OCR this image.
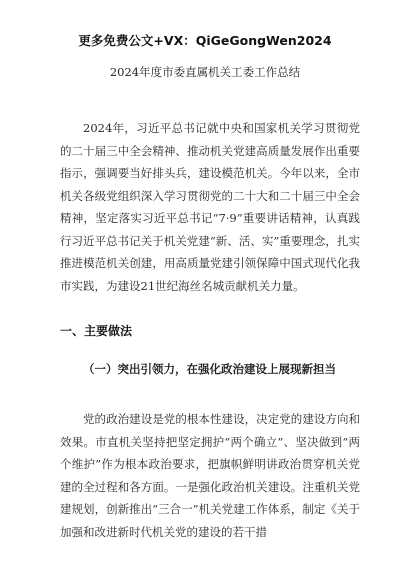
更多免费公文+VX：QiGeGongWen2024
2024年度市委直属机关工委工作总结

2024年，习近平总书记就中央和国家机关学习贯彻党的二十届三中全会精神、推动机关党建高质量发展作出重要指示，强调要当好排头兵，建设模范机关。今年以来，全市机关各级党组织深入学习贯彻党的二十大和二十届三中全会精神，坚定落实习近平总书记“7·9”重要讲话精神，认真践行习近平总书记关于机关党建“新、活、实”重要理念，扎实推进模范机关创建，用高质量党建引领保障中国式现代化我市实践，为建设21世纪海丝名城贡献机关力量。

一、主要做法
（一）突出引领力，在强化政治建设上展现新担当

党的政治建设是党的根本性建设，决定党的建设方向和效果。市直机关坚持把坚定拥护“两个确立”、坚决做到“两个维护”作为根本政治要求，把旗帜鲜明讲政治贯穿机关党建的全过程和各方面。一是强化政治机关建设。注重机关党建规划，创新推出“三合一”机关党建工作体系，制定《关于加强和改进新时代机关党的建设的若干措
